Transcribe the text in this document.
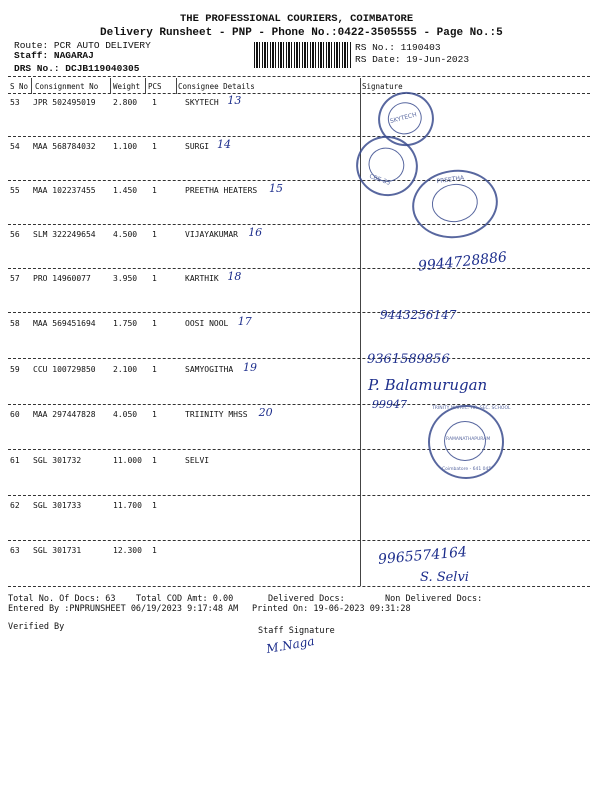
THE PROFESSIONAL COURIERS, COIMBATORE
Delivery Runsheet - PNP - Phone No.:0422-3505555 - Page No.:5
Route: PCR AUTO DELIVERY
Staff: NAGARAJ
DRS No.: DCJB119040305
RS No.: 1190403
RS Date: 19-Jun-2023
S No Consignment No Weight PCS Consignee Details	Signature
53 JPR 502495019 2.800 1	SKYTECH 13
54 MAA 568784032 1.100 1	SURGI 14
55 MAA 102237455 1.450 1	PREETHA HEATERS 15
56 SLM 322249654 4.500 1	VIJAYAKUMAR 16
57 PRO 14960077	3.950 1	KARTHIK 18
58 MAA 569451694 1.750 1	OOSI NOOL 17
59 CCU 100729850 2.100 1	SAMYOGITHA 19
60 MAA 297447828 4.050 1	TRIINITY MHSS 20
61 SGL 301732	11.000 1	SELVI
62 SGL 301733	11.700 1
63 SGL 301731	12.300 1
SKYTECH
CBE-35	PREETHA
TRINITY MATRIC. HR. SEC. SCHOOL
RAMANATHAPURAM
Coimbatore - 641 045
9944728886
9443256147
9361589856
P. Balamurugan
99947
9965574164
S. Selvi
M.Naga
Total No. Of Docs: 63 Total COD Amt: 0.00	Delivered Docs:	Non Delivered Docs:
Entered By :PNPRUNSHEET 06/19/2023 9:17:48 AM Printed On: 19-06-2023 09:31:28
Verified By	Staff Signature
